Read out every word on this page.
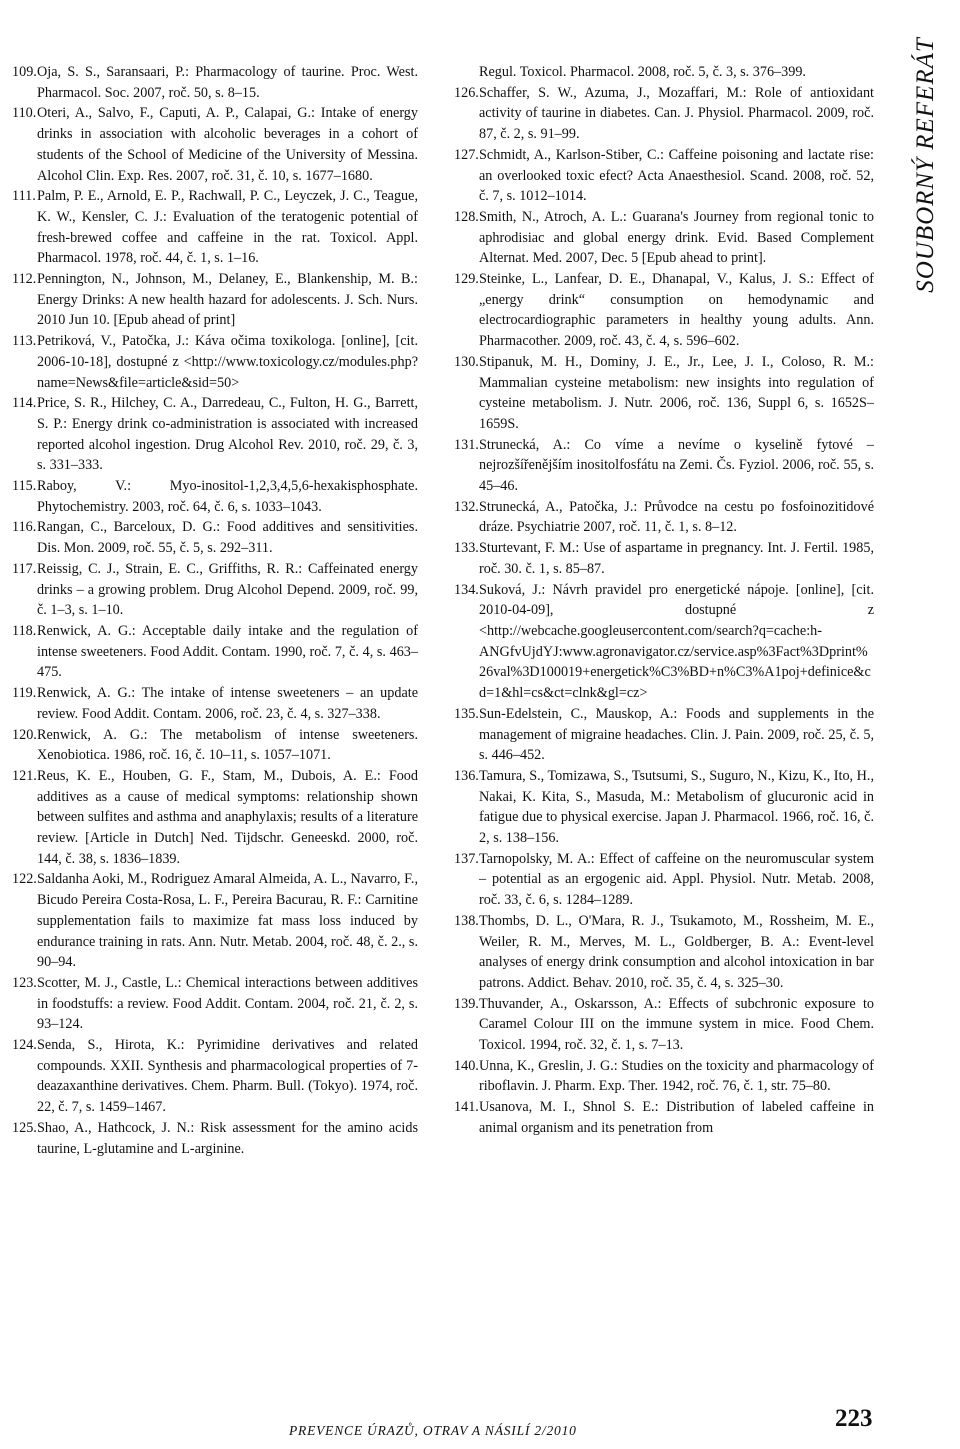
SOUBORNÝ REFERÁT
109. Oja, S. S., Saransaari, P.: Pharmacology of taurine. Proc. West. Pharmacol. Soc. 2007, roč. 50, s. 8–15.
110. Oteri, A., Salvo, F., Caputi, A. P., Calapai, G.: Intake of energy drinks in association with alcoholic beverages in a cohort of students of the School of Medicine of the University of Messina. Alcohol Clin. Exp. Res. 2007, roč. 31, č. 10, s. 1677–1680.
111. Palm, P. E., Arnold, E. P., Rachwall, P. C., Leyczek, J. C., Teague, K. W., Kensler, C. J.: Evaluation of the teratogenic potential of fresh-brewed coffee and caffeine in the rat. Toxicol. Appl. Pharmacol. 1978, roč. 44, č. 1, s. 1–16.
112. Pennington, N., Johnson, M., Delaney, E., Blankenship, M. B.: Energy Drinks: A new health hazard for adolescents. J. Sch. Nurs. 2010 Jun 10. [Epub ahead of print]
113. Petriková, V., Patočka, J.: Káva očima toxikologa. [online], [cit. 2006-10-18], dostupné z <http://www.toxicology.cz/modules.php?name=News&file=article&sid=50>
114. Price, S. R., Hilchey, C. A., Darredeau, C., Fulton, H. G., Barrett, S. P.: Energy drink co-administration is associated with increased reported alcohol ingestion. Drug Alcohol Rev. 2010, roč. 29, č. 3, s. 331–333.
115. Raboy, V.: Myo-inositol-1,2,3,4,5,6-hexakisphosphate. Phytochemistry. 2003, roč. 64, č. 6, s. 1033–1043.
116. Rangan, C., Barceloux, D. G.: Food additives and sensitivities. Dis. Mon. 2009, roč. 55, č. 5, s. 292–311.
117. Reissig, C. J., Strain, E. C., Griffiths, R. R.: Caffeinated energy drinks – a growing problem. Drug Alcohol Depend. 2009, roč. 99, č. 1–3, s. 1–10.
118. Renwick, A. G.: Acceptable daily intake and the regulation of intense sweeteners. Food Addit. Contam. 1990, roč. 7, č. 4, s. 463–475.
119. Renwick, A. G.: The intake of intense sweeteners – an update review. Food Addit. Contam. 2006, roč. 23, č. 4, s. 327–338.
120. Renwick, A. G.: The metabolism of intense sweeteners. Xenobiotica. 1986, roč. 16, č. 10–11, s. 1057–1071.
121. Reus, K. E., Houben, G. F., Stam, M., Dubois, A. E.: Food additives as a cause of medical symptoms: relationship shown between sulfites and asthma and anaphylaxis; results of a literature review. [Article in Dutch] Ned. Tijdschr. Geneeskd. 2000, roč. 144, č. 38, s. 1836–1839.
122. Saldanha Aoki, M., Rodriguez Amaral Almeida, A. L., Navarro, F., Bicudo Pereira Costa-Rosa, L. F., Pereira Bacurau, R. F.: Carnitine supplementation fails to maximize fat mass loss induced by endurance training in rats. Ann. Nutr. Metab. 2004, roč. 48, č. 2., s. 90–94.
123. Scotter, M. J., Castle, L.: Chemical interactions between additives in foodstuffs: a review. Food Addit. Contam. 2004, roč. 21, č. 2, s. 93–124.
124. Senda, S., Hirota, K.: Pyrimidine derivatives and related compounds. XXII. Synthesis and pharmacological properties of 7-deazaxanthine derivatives. Chem. Pharm. Bull. (Tokyo). 1974, roč. 22, č. 7, s. 1459–1467.
125. Shao, A., Hathcock, J. N.: Risk assessment for the amino acids taurine, L-glutamine and L-arginine.
Regul. Toxicol. Pharmacol. 2008, roč. 5, č. 3, s. 376–399.
126. Schaffer, S. W., Azuma, J., Mozaffari, M.: Role of antioxidant activity of taurine in diabetes. Can. J. Physiol. Pharmacol. 2009, roč. 87, č. 2, s. 91–99.
127. Schmidt, A., Karlson-Stiber, C.: Caffeine poisoning and lactate rise: an overlooked toxic efect? Acta Anaesthesiol. Scand. 2008, roč. 52, č. 7, s. 1012–1014.
128. Smith, N., Atroch, A. L.: Guarana's Journey from regional tonic to aphrodisiac and global energy drink. Evid. Based Complement Alternat. Med. 2007, Dec. 5 [Epub ahead to print].
129. Steinke, L., Lanfear, D. E., Dhanapal, V., Kalus, J. S.: Effect of „energy drink“ consumption on hemodynamic and electrocardiographic parameters in healthy young adults. Ann. Pharmacother. 2009, roč. 43, č. 4, s. 596–602.
130. Stipanuk, M. H., Dominy, J. E., Jr., Lee, J. I., Coloso, R. M.: Mammalian cysteine metabolism: new insights into regulation of cysteine metabolism. J. Nutr. 2006, roč. 136, Suppl 6, s. 1652S–1659S.
131. Strunecká, A.: Co víme a nevíme o kyselině fytové – nejrozšířenějším inositolfosfátu na Zemi. Čs. Fyziol. 2006, roč. 55, s. 45–46.
132. Strunecká, A., Patočka, J.: Průvodce na cestu po fosfoinozitidové dráze. Psychiatrie 2007, roč. 11, č. 1, s. 8–12.
133. Sturtevant, F. M.: Use of aspartame in pregnancy. Int. J. Fertil. 1985, roč. 30. č. 1, s. 85–87.
134. Suková, J.: Návrh pravidel pro energetické nápoje. [online], [cit. 2010-04-09], dostupné z <http://webcache.googleusercontent.com/search?q=cache:h-ANGfvUjdYJ:www.agronavigator.cz/service.asp%3Fact%3Dprint%26val%3D100019+energetick%C3%BD+n%C3%A1poj+definice&cd=1&hl=cs&ct=clnk&gl=cz>
135. Sun-Edelstein, C., Mauskop, A.: Foods and supplements in the management of migraine headaches. Clin. J. Pain. 2009, roč. 25, č. 5, s. 446–452.
136. Tamura, S., Tomizawa, S., Tsutsumi, S., Suguro, N., Kizu, K., Ito, H., Nakai, K. Kita, S., Masuda, M.: Metabolism of glucuronic acid in fatigue due to physical exercise. Japan J. Pharmacol. 1966, roč. 16, č. 2, s. 138–156.
137. Tarnopolsky, M. A.: Effect of caffeine on the neuromuscular system – potential as an ergogenic aid. Appl. Physiol. Nutr. Metab. 2008, roč. 33, č. 6, s. 1284–1289.
138. Thombs, D. L., O'Mara, R. J., Tsukamoto, M., Rossheim, M. E., Weiler, R. M., Merves, M. L., Goldberger, B. A.: Event-level analyses of energy drink consumption and alcohol intoxication in bar patrons. Addict. Behav. 2010, roč. 35, č. 4, s. 325–30.
139. Thuvander, A., Oskarsson, A.: Effects of subchronic exposure to Caramel Colour III on the immune system in mice. Food Chem. Toxicol. 1994, roč. 32, č. 1, s. 7–13.
140. Unna, K., Greslin, J. G.: Studies on the toxicity and pharmacology of riboflavin. J. Pharm. Exp. Ther. 1942, roč. 76, č. 1, str. 75–80.
141. Usanova, M. I., Shnol S. E.: Distribution of labeled caffeine in animal organism and its penetration from
PREVENCE ÚRAZŮ, OTRAV A NÁSILÍ 2/2010	223
